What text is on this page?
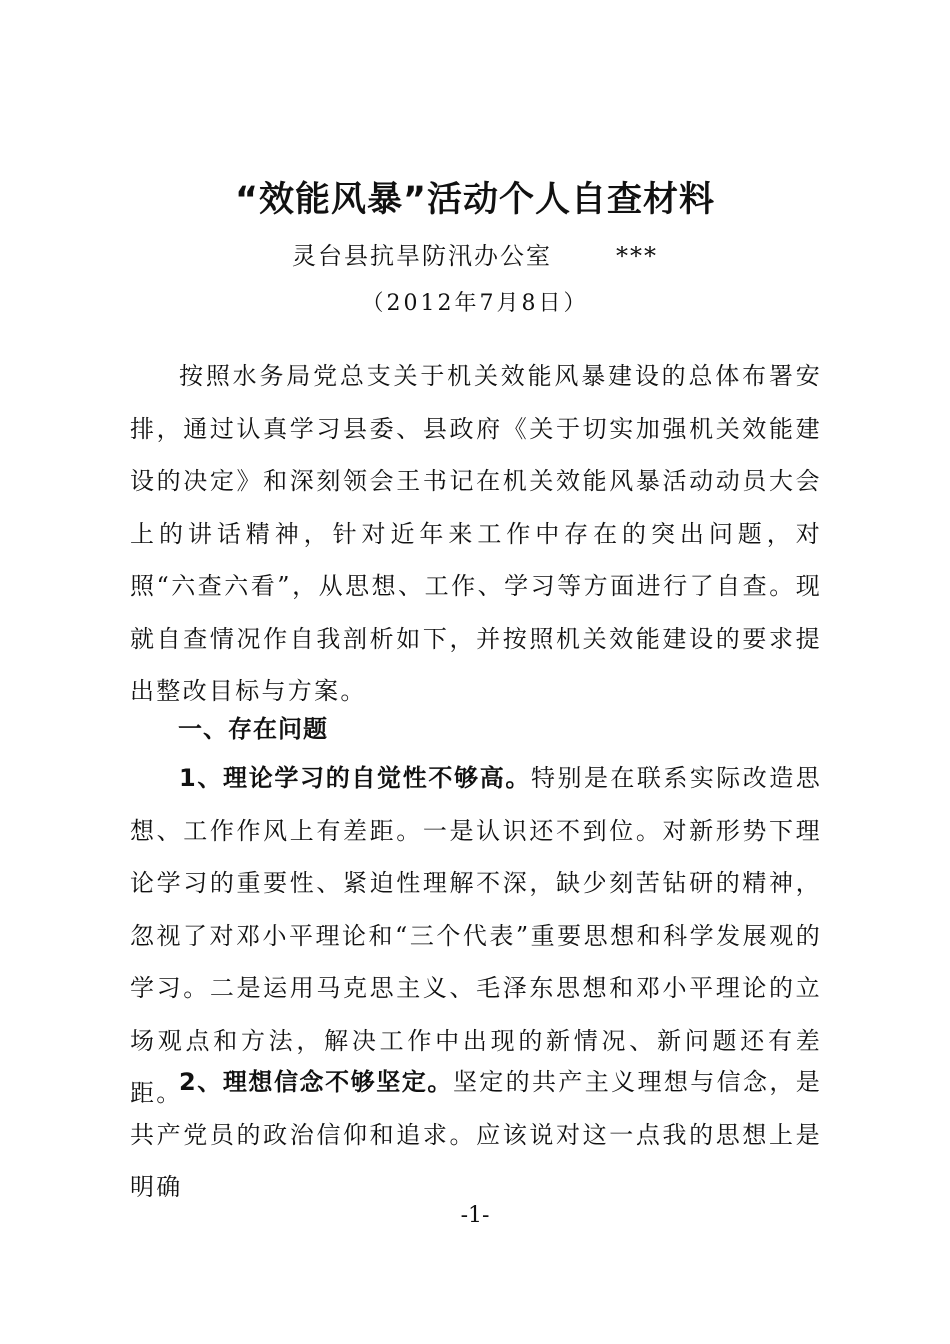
“效能风暴”活动个人自查材料
灵台县抗旱防汛办公室	***
（2012年7月8日）

按照水务局党总支关于机关效能风暴建设的总体布署安排，通过认真学习县委、县政府《关于切实加强机关效能建设的决定》和深刻领会王书记在机关效能风暴活动动员大会上的讲话精神，针对近年来工作中存在的突出问题，对照“六查六看”，从思想、工作、学习等方面进行了自查。现就自查情况作自我剖析如下，并按照机关效能建设的要求提出整改目标与方案。

一、存在问题

1、理论学习的自觉性不够高。特别是在联系实际改造思想、工作作风上有差距。一是认识还不到位。对新形势下理论学习的重要性、紧迫性理解不深，缺少刻苦钻研的精神，忽视了对邓小平理论和“三个代表”重要思想和科学发展观的学习。二是运用马克思主义、毛泽东思想和邓小平理论的立场观点和方法，解决工作中出现的新情况、新问题还有差距。

2、理想信念不够坚定。坚定的共产主义理想与信念，是共产党员的政治信仰和追求。应该说对这一点我的思想上是明确

-1-
